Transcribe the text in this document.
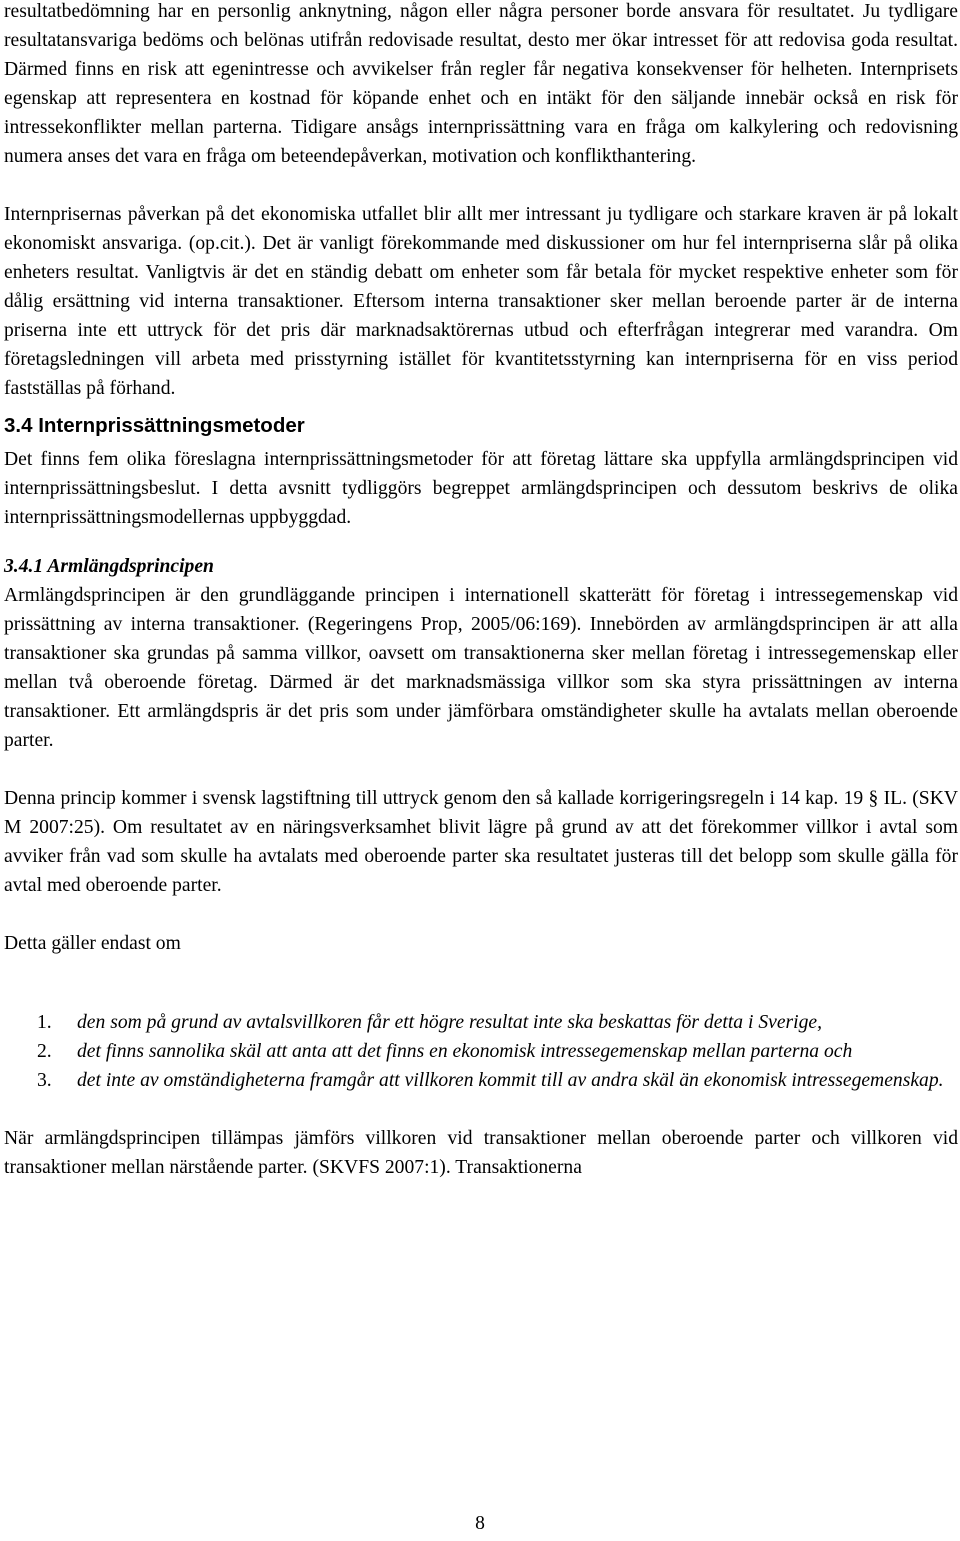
resultatbedömning har en personlig anknytning, någon eller några personer borde ansvara för resultatet. Ju tydligare resultatansvariga bedöms och belönas utifrån redovisade resultat, desto mer ökar intresset för att redovisa goda resultat. Därmed finns en risk att egenintresse och avvikelser från regler får negativa konsekvenser för helheten. Internprisets egenskap att representera en kostnad för köpande enhet och en intäkt för den säljande innebär också en risk för intressekonflikter mellan parterna. Tidigare ansågs internprissättning vara en fråga om kalkylering och redovisning numera anses det vara en fråga om beteendepåverkan, motivation och konflikthantering.

Internprisernas påverkan på det ekonomiska utfallet blir allt mer intressant ju tydligare och starkare kraven är på lokalt ekonomiskt ansvariga. (op.cit.). Det är vanligt förekommande med diskussioner om hur fel internpriserna slår på olika enheters resultat. Vanligtvis är det en ständig debatt om enheter som får betala för mycket respektive enheter som för dålig ersättning vid interna transaktioner. Eftersom interna transaktioner sker mellan beroende parter är de interna priserna inte ett uttryck för det pris där marknadsaktörernas utbud och efterfrågan integrerar med varandra. Om företagsledningen vill arbeta med prisstyrning istället för kvantitetsstyrning kan internpriserna för en viss period fastställas på förhand.

3.4 Internprissättningsmetoder

Det finns fem olika föreslagna internprissättningsmetoder för att företag lättare ska uppfylla armlängdsprincipen vid internprissättningsbeslut. I detta avsnitt tydliggörs begreppet armlängdsprincipen och dessutom beskrivs de olika internprissättningsmodellernas uppbyggdad.

3.4.1 Armlängdsprincipen

Armlängdsprincipen är den grundläggande principen i internationell skatterätt för företag i intressegemenskap vid prissättning av interna transaktioner. (Regeringens Prop, 2005/06:169). Innebörden av armlängdsprincipen är att alla transaktioner ska grundas på samma villkor, oavsett om transaktionerna sker mellan företag i intressegemenskap eller mellan två oberoende företag. Därmed är det marknadsmässiga villkor som ska styra prissättningen av interna transaktioner. Ett armlängdspris är det pris som under jämförbara omständigheter skulle ha avtalats mellan oberoende parter.

Denna princip kommer i svensk lagstiftning till uttryck genom den så kallade korrigeringsregeln i 14 kap. 19 § IL. (SKV M 2007:25). Om resultatet av en näringsverksamhet blivit lägre på grund av att det förekommer villkor i avtal som avviker från vad som skulle ha avtalats med oberoende parter ska resultatet justeras till det belopp som skulle gälla för avtal med oberoende parter.

Detta gäller endast om

1. den som på grund av avtalsvillkoren får ett högre resultat inte ska beskattas för detta i Sverige,
2. det finns sannolika skäl att anta att det finns en ekonomisk intressegemenskap mellan parterna och
3. det inte av omständigheterna framgår att villkoren kommit till av andra skäl än ekonomisk intressegemenskap.

När armlängdsprincipen tillämpas jämförs villkoren vid transaktioner mellan oberoende parter och villkoren vid transaktioner mellan närstående parter. (SKVFS 2007:1). Transaktionerna

8
